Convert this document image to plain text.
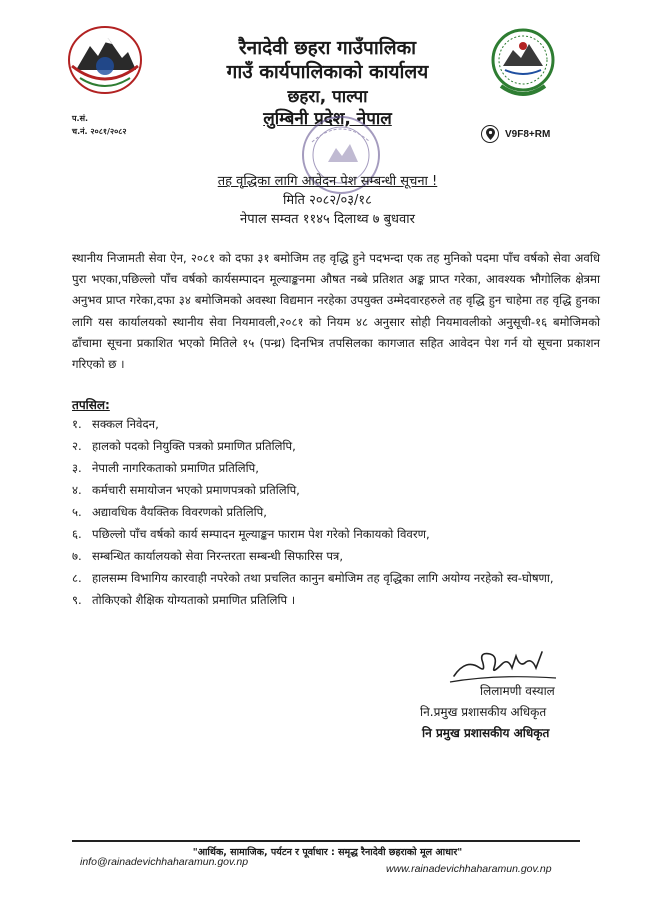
रैनादेवी छहरा गाउँपालिका
गाउँ कार्यपालिकाको कार्यालय
छहरा, पाल्पा
लुम्बिनी प्रदेश, नेपाल
प.सं.
च.नं. २०८१/२०८२	V9F8+RM
तह वृद्धिका लागि आवेदन पेश सम्बन्धी सूचना !
मिति २०८२/०३/१८
नेपाल सम्वत ११४५ दिलाथ्व ७ बुधवार
स्थानीय निजामती सेवा ऐन, २०८१ को दफा ३१ बमोजिम तह वृद्धि हुने पदभन्दा एक तह मुनिको पदमा पाँच वर्षको सेवा अवधि पुरा भएका,पछिल्लो पाँच वर्षको कार्यसम्पादन मूल्याङ्कनमा औषत नब्बे प्रतिशत अङ्क प्राप्त गरेका, आवश्यक भौगोलिक क्षेत्रमा अनुभव प्राप्त गरेका,दफा ३४ बमोजिमको अवस्था विद्यमान नरहेका उपयुक्त उम्मेदवारहरुले तह वृद्धि हुन चाहेमा तह वृद्धि हुनका लागि यस कार्यालयको स्थानीय सेवा नियमावली,२०८१ को नियम ४८ अनुसार सोही नियमावलीको अनुसूची-१६ बमोजिमको ढाँचामा सूचना प्रकाशित भएको मितिले १५ (पन्ध्र) दिनभित्र तपसिलका कागजात सहित आवेदन पेश गर्न यो सूचना प्रकाशन गरिएको छ ।
तपसिल:
१. सक्कल निवेदन,
२. हालको पदको नियुक्ति पत्रको प्रमाणित प्रतिलिपि,
३. नेपाली नागरिकताको प्रमाणित प्रतिलिपि,
४. कर्मचारी समायोजन भएको प्रमाणपत्रको प्रतिलिपि,
५. अद्यावधिक वैयक्तिक विवरणको प्रतिलिपि,
६. पछिल्लो पाँच वर्षको कार्य सम्पादन मूल्याङ्कन फाराम पेश गरेको निकायको विवरण,
७. सम्बन्धित कार्यालयको सेवा निरन्तरता सम्बन्धी सिफारिस पत्र,
८. हालसम्म विभागिय कारवाही नपरेको तथा प्रचलित कानुन बमोजिम तह वृद्धिका लागि अयोग्य नरहेको स्व-घोषणा,
९. तोकिएको शैक्षिक योग्यताको प्रमाणित प्रतिलिपि ।
लिलामणी वस्याल
नि.प्रमुख प्रशासकीय अधिकृत
नि प्रमुख प्रशासकीय अधिकृत
"आर्थिक, सामाजिक, पर्यटन र पूर्वाधार : समृद्ध रैनादेवी छहराको मूल आधार"
info@rainadevichhaharamun.gov.np
www.rainadevichhaharamun.gov.np
